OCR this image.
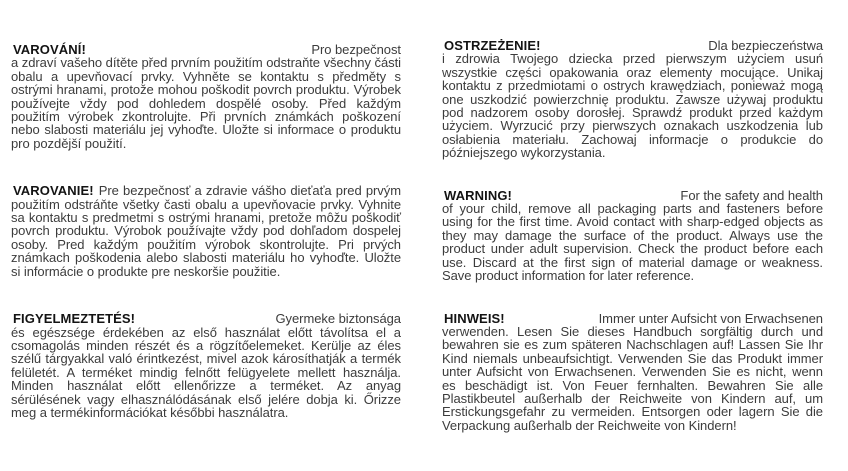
VAROVÁNÍ!	Pro bezpečnost

a zdraví vašeho dítěte před prvním použitím odstraňte všechny části obalu a upevňovací prvky. Vyhněte se kontaktu s předměty s ostrými hranami, protože mohou poškodit povrch produktu. Výrobek používejte vždy pod dohledem dospělé osoby. Před každým použitím výrobek zkontrolujte. Při prvních známkách poškození nebo slabosti materiálu jej vyhoďte. Uložte si informace o produktu pro pozdější použití.

VAROVANIE! Pre bezpečnosť a zdravie vášho dieťaťa pred prvým použitím odstráňte všetky časti obalu a upevňovacie prvky. Vyhnite sa kontaktu s predmetmi s ostrými hranami, pretože môžu poškodiť povrch produktu. Výrobok používajte vždy pod dohľadom dospelej osoby. Pred každým použitím výrobok skontrolujte. Pri prvých známkach poškodenia alebo slabosti materiálu ho vyhoďte. Uložte si informácie o produkte pre neskoršie použitie.

FIGYELMEZTETÉS!	Gyermeke biztonsága

és egészsége érdekében az első használat előtt távolítsa el a csomagolás minden részét és a rögzítőelemeket. Kerülje az éles szélű tárgyakkal való érintkezést, mivel azok károsíthatják a termék felületét. A terméket mindig felnőtt felügyelete mellett használja. Minden használat előtt ellenőrizze a terméket. Az anyag sérülésének vagy elhasználódásának első jelére dobja ki. Őrizze meg a termékinformációkat későbbi használatra.

OSTRZEŻENIE!	Dla bezpieczeństwa

i zdrowia Twojego dziecka przed pierwszym użyciem usuń wszystkie części opakowania oraz elementy mocujące. Unikaj kontaktu z przedmiotami o ostrych krawędziach, ponieważ mogą one uszkodzić powierzchnię produktu. Zawsze używaj produktu pod nadzorem osoby dorosłej. Sprawdź produkt przed każdym użyciem. Wyrzucić przy pierwszych oznakach uszkodzenia lub osłabienia materiału. Zachowaj informacje o produkcie do późniejszego wykorzystania.

WARNING!	For the safety and health

of your child, remove all packaging parts and fasteners before using for the first time. Avoid contact with sharp-edged objects as they may damage the surface of the product. Always use the product under adult supervision. Check the product before each use. Discard at the first sign of material damage or weakness. Save product information for later reference.

HINWEIS!	Immer unter Aufsicht von Erwachsenen

verwenden. Lesen Sie dieses Handbuch sorgfältig durch und bewahren sie es zum späteren Nachschlagen auf! Lassen Sie Ihr Kind niemals unbeaufsichtigt. Verwenden Sie das Produkt immer unter Aufsicht von Erwachsenen. Verwenden Sie es nicht, wenn es beschädigt ist. Von Feuer fernhalten. Bewahren Sie alle Plastikbeutel außerhalb der Reichweite von Kindern auf, um Erstickungsgefahr zu vermeiden. Entsorgen oder lagern Sie die Verpackung außerhalb der Reichweite von Kindern!
